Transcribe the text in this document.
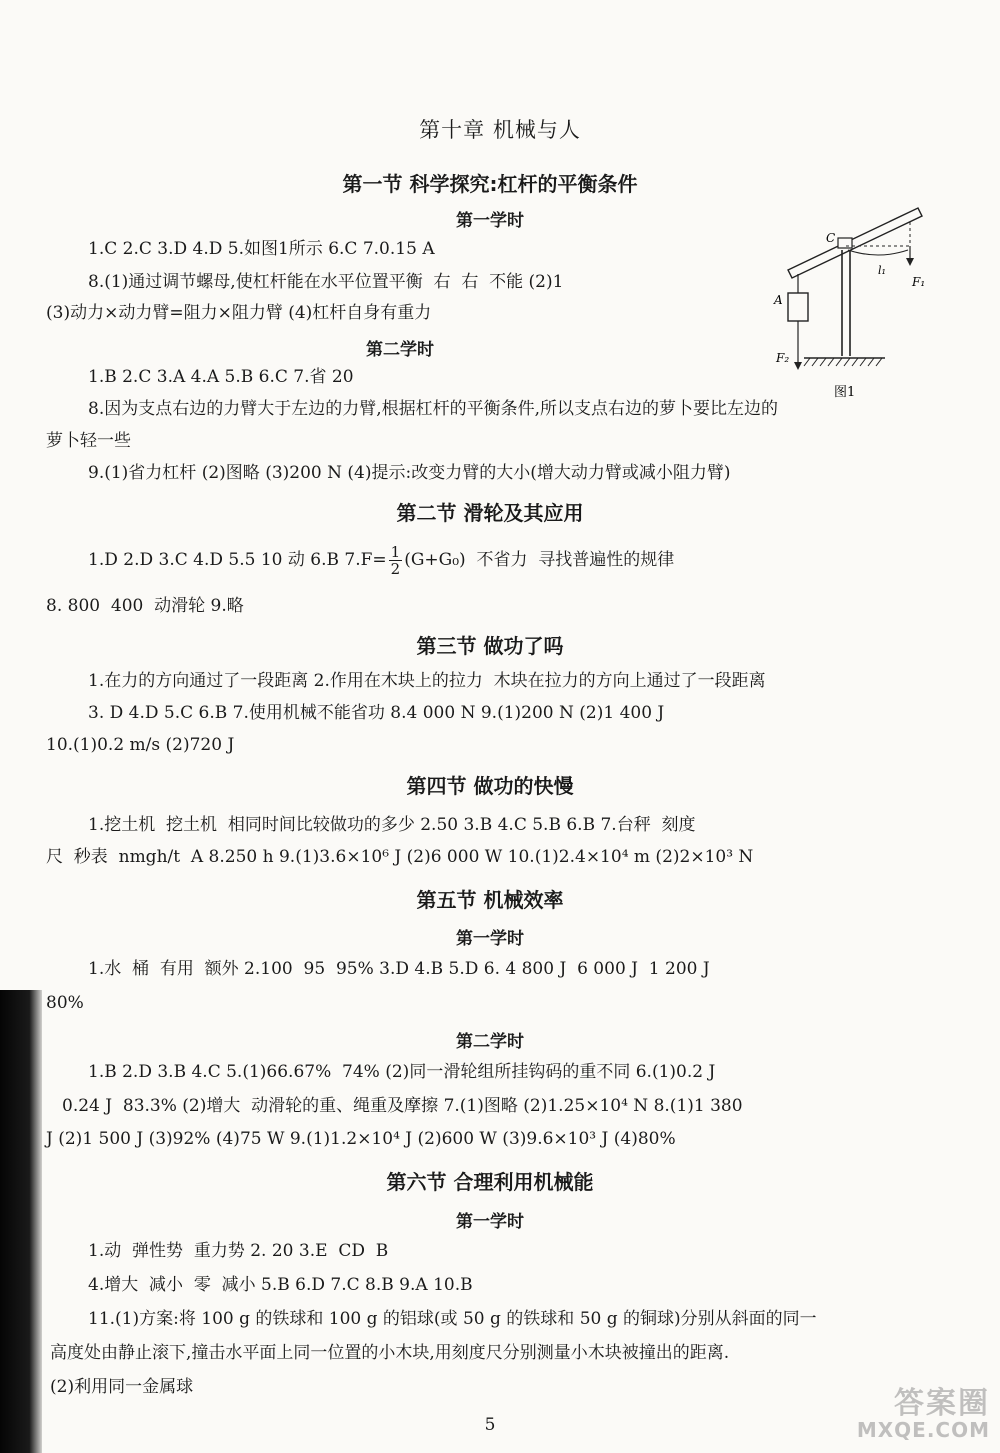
第十章 机械与人
第一节 科学探究:杠杆的平衡条件
第一学时
1.C 2.C 3.D 4.D 5.如图1所示 6.C 7.0.15 A
8.(1)通过调节螺母,使杠杆能在水平位置平衡  右  右  不能 (2)1
(3)动力×动力臂=阻力×阻力臂 (4)杠杆自身有重力
第二学时
1.B 2.C 3.A 4.A 5.B 6.C 7.省 20
8.因为支点右边的力臂大于左边的力臂,根据杠杆的平衡条件,所以支点右边的萝卜要比左边的
萝卜轻一些
9.(1)省力杠杆 (2)图略 (3)200 N (4)提示:改变力臂的大小(增大动力臂或减小阻力臂)
C
A
l₁
F₁
F₂
图1
第二节 滑轮及其应用
1.D 2.D 3.C 4.D 5.5 10 动 6.B $7.F= \frac{1}{2} (G+G_0)$  不省力  寻找普遍性的规律
8. 800  400  动滑轮 9.略
第三节 做功了吗
1.在力的方向通过了一段距离 2.作用在木块上的拉力  木块在拉力的方向上通过了一段距离
3. D 4.D 5.C 6.B 7.使用机械不能省功 8.4 000 N 9.(1)200 N (2)1 400 J
10.(1)0.2 m/s (2)720 J
第四节 做功的快慢
1.挖土机  挖土机  相同时间比较做功的多少 2.50 3.B 4.C 5.B 6.B 7.台秤  刻度
尺  秒表  nmgh/t  A 8.250 h 9.(1)3.6×10⁶ J (2)6 000 W 10.(1)2.4×10⁴ m (2)2×10³ N
第五节 机械效率
第一学时
1.水  桶  有用  额外 2.100  95  95% 3.D 4.B 5.D 6. 4 800 J  6 000 J  1 200 J
80%
第二学时
1.B 2.D 3.B 4.C 5.(1)66.67%  74% (2)同一滑轮组所挂钩码的重不同 6.(1)0.2 J
0.24 J  83.3% (2)增大  动滑轮的重、绳重及摩擦 7.(1)图略 (2)1.25×10⁴ N 8.(1)1 380
J (2)1 500 J (3)92% (4)75 W 9.(1)1.2×10⁴ J (2)600 W (3)9.6×10³ J (4)80%
第六节 合理利用机械能
第一学时
1.动  弹性势  重力势 2. 20 3.E  CD  B
4.增大  减小  零  减小 5.B 6.D 7.C 8.B 9.A 10.B
11.(1)方案:将 100 g 的铁球和 100 g 的铝球(或 50 g 的铁球和 50 g 的铜球)分别从斜面的同一
高度处由静止滚下,撞击水平面上同一位置的小木块,用刻度尺分别测量小木块被撞出的距离.
(2)利用同一金属球
5
答案圈
MXQE.COM
